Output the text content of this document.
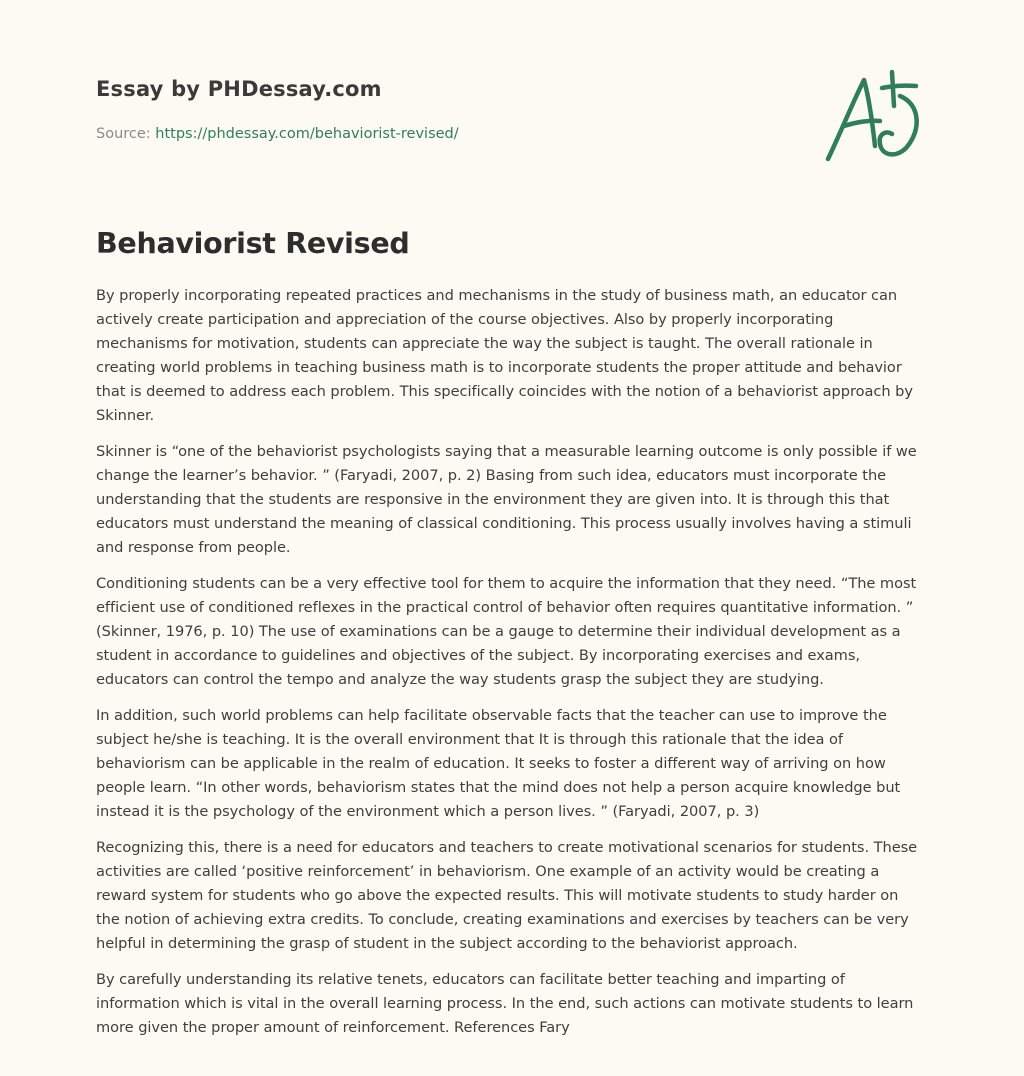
Essay by PHDessay.com
Source: https://phdessay.com/behaviorist-revised/
Behaviorist Revised

By properly incorporating repeated practices and mechanisms in the study of business math, an educator can actively create participation and appreciation of the course objectives. Also by properly incorporating mechanisms for motivation, students can appreciate the way the subject is taught. The overall rationale in creating world problems in teaching business math is to incorporate students the proper attitude and behavior that is deemed to address each problem. This specifically coincides with the notion of a behaviorist approach by Skinner.

Skinner is “one of the behaviorist psychologists saying that a measurable learning outcome is only possible if we change the learner’s behavior. ” (Faryadi, 2007, p. 2) Basing from such idea, educators must incorporate the understanding that the students are responsive in the environment they are given into. It is through this that educators must understand the meaning of classical conditioning. This process usually involves having a stimuli and response from people.

Conditioning students can be a very effective tool for them to acquire the information that they need. “The most efficient use of conditioned reflexes in the practical control of behavior often requires quantitative information. ” (Skinner, 1976, p. 10) The use of examinations can be a gauge to determine their individual development as a student in accordance to guidelines and objectives of the subject. By incorporating exercises and exams, educators can control the tempo and analyze the way students grasp the subject they are studying.

In addition, such world problems can help facilitate observable facts that the teacher can use to improve the subject he/she is teaching. It is the overall environment that It is through this rationale that the idea of behaviorism can be applicable in the realm of education. It seeks to foster a different way of arriving on how people learn. “In other words, behaviorism states that the mind does not help a person acquire knowledge but instead it is the psychology of the environment which a person lives. ” (Faryadi, 2007, p. 3)

Recognizing this, there is a need for educators and teachers to create motivational scenarios for students. These activities are called ‘positive reinforcement’ in behaviorism. One example of an activity would be creating a reward system for students who go above the expected results. This will motivate students to study harder on the notion of achieving extra credits. To conclude, creating examinations and exercises by teachers can be very helpful in determining the grasp of student in the subject according to the behaviorist approach.

By carefully understanding its relative tenets, educators can facilitate better teaching and imparting of information which is vital in the overall learning process. In the end, such actions can motivate students to learn more given the proper amount of reinforcement. References Fary
